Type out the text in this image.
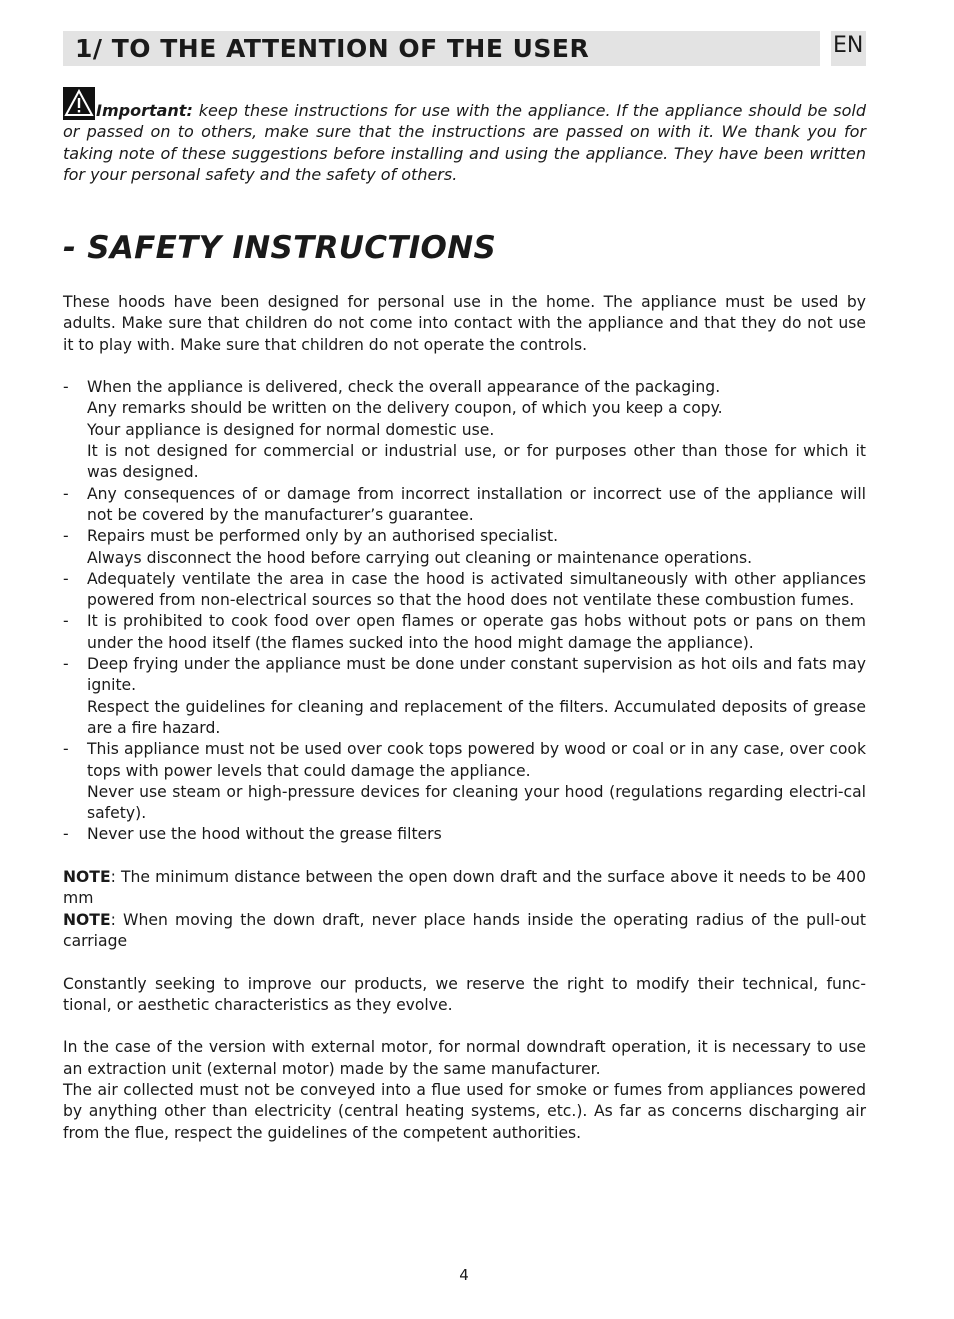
1/ TO THE ATTENTION OF THE USER	EN
Important: keep these instructions for use with the appliance. If the appliance should be sold or passed on to others, make sure that the instructions are passed on with it. We thank you for taking note of these suggestions before installing and using the appliance. They have been written for your personal safety and the safety of others.
- SAFETY INSTRUCTIONS
These hoods have been designed for personal use in the home. The appliance must be used by adults. Make sure that children do not come into contact with the appliance and that they do not use it to play with. Make sure that children do not operate the controls.
- When the appliance is delivered, check the overall appearance of the packaging.
Any remarks should be written on the delivery coupon, of which you keep a copy.
Your appliance is designed for normal domestic use.
It is not designed for commercial or industrial use, or for purposes other than those for which it was designed.
- Any consequences of or damage from incorrect installation or incorrect use of the appliance will not be covered by the manufacturer’s guarantee.
- Repairs must be performed only by an authorised specialist.
Always disconnect the hood before carrying out cleaning or maintenance operations.
- Adequately ventilate the area in case the hood is activated simultaneously with other appliances powered from non-electrical sources so that the hood does not ventilate these combustion fumes.
- It is prohibited to cook food over open flames or operate gas hobs without pots or pans on them under the hood itself (the flames sucked into the hood might damage the appliance).
- Deep frying under the appliance must be done under constant supervision as hot oils and fats may ignite.
Respect the guidelines for cleaning and replacement of the filters. Accumulated deposits of grease are a fire hazard.
- This appliance must not be used over cook tops powered by wood or coal or in any case, over cook tops with power levels that could damage the appliance.
Never use steam or high-pressure devices for cleaning your hood (regulations regarding electri-cal safety).
- Never use the hood without the grease filters
NOTE: The minimum distance between the open down draft and the surface above it needs to be 400 mm
NOTE: When moving the down draft, never place hands inside the operating radius of the pull-out carriage
Constantly seeking to improve our products, we reserve the right to modify their technical, func-tional, or aesthetic characteristics as they evolve.
In the case of the version with external motor, for normal downdraft operation, it is necessary to use an extraction unit (external motor) made by the same manufacturer.
The air collected must not be conveyed into a flue used for smoke or fumes from appliances powered by anything other than electricity (central heating systems, etc.). As far as concerns discharging air from the flue, respect the guidelines of the competent authorities.
4
